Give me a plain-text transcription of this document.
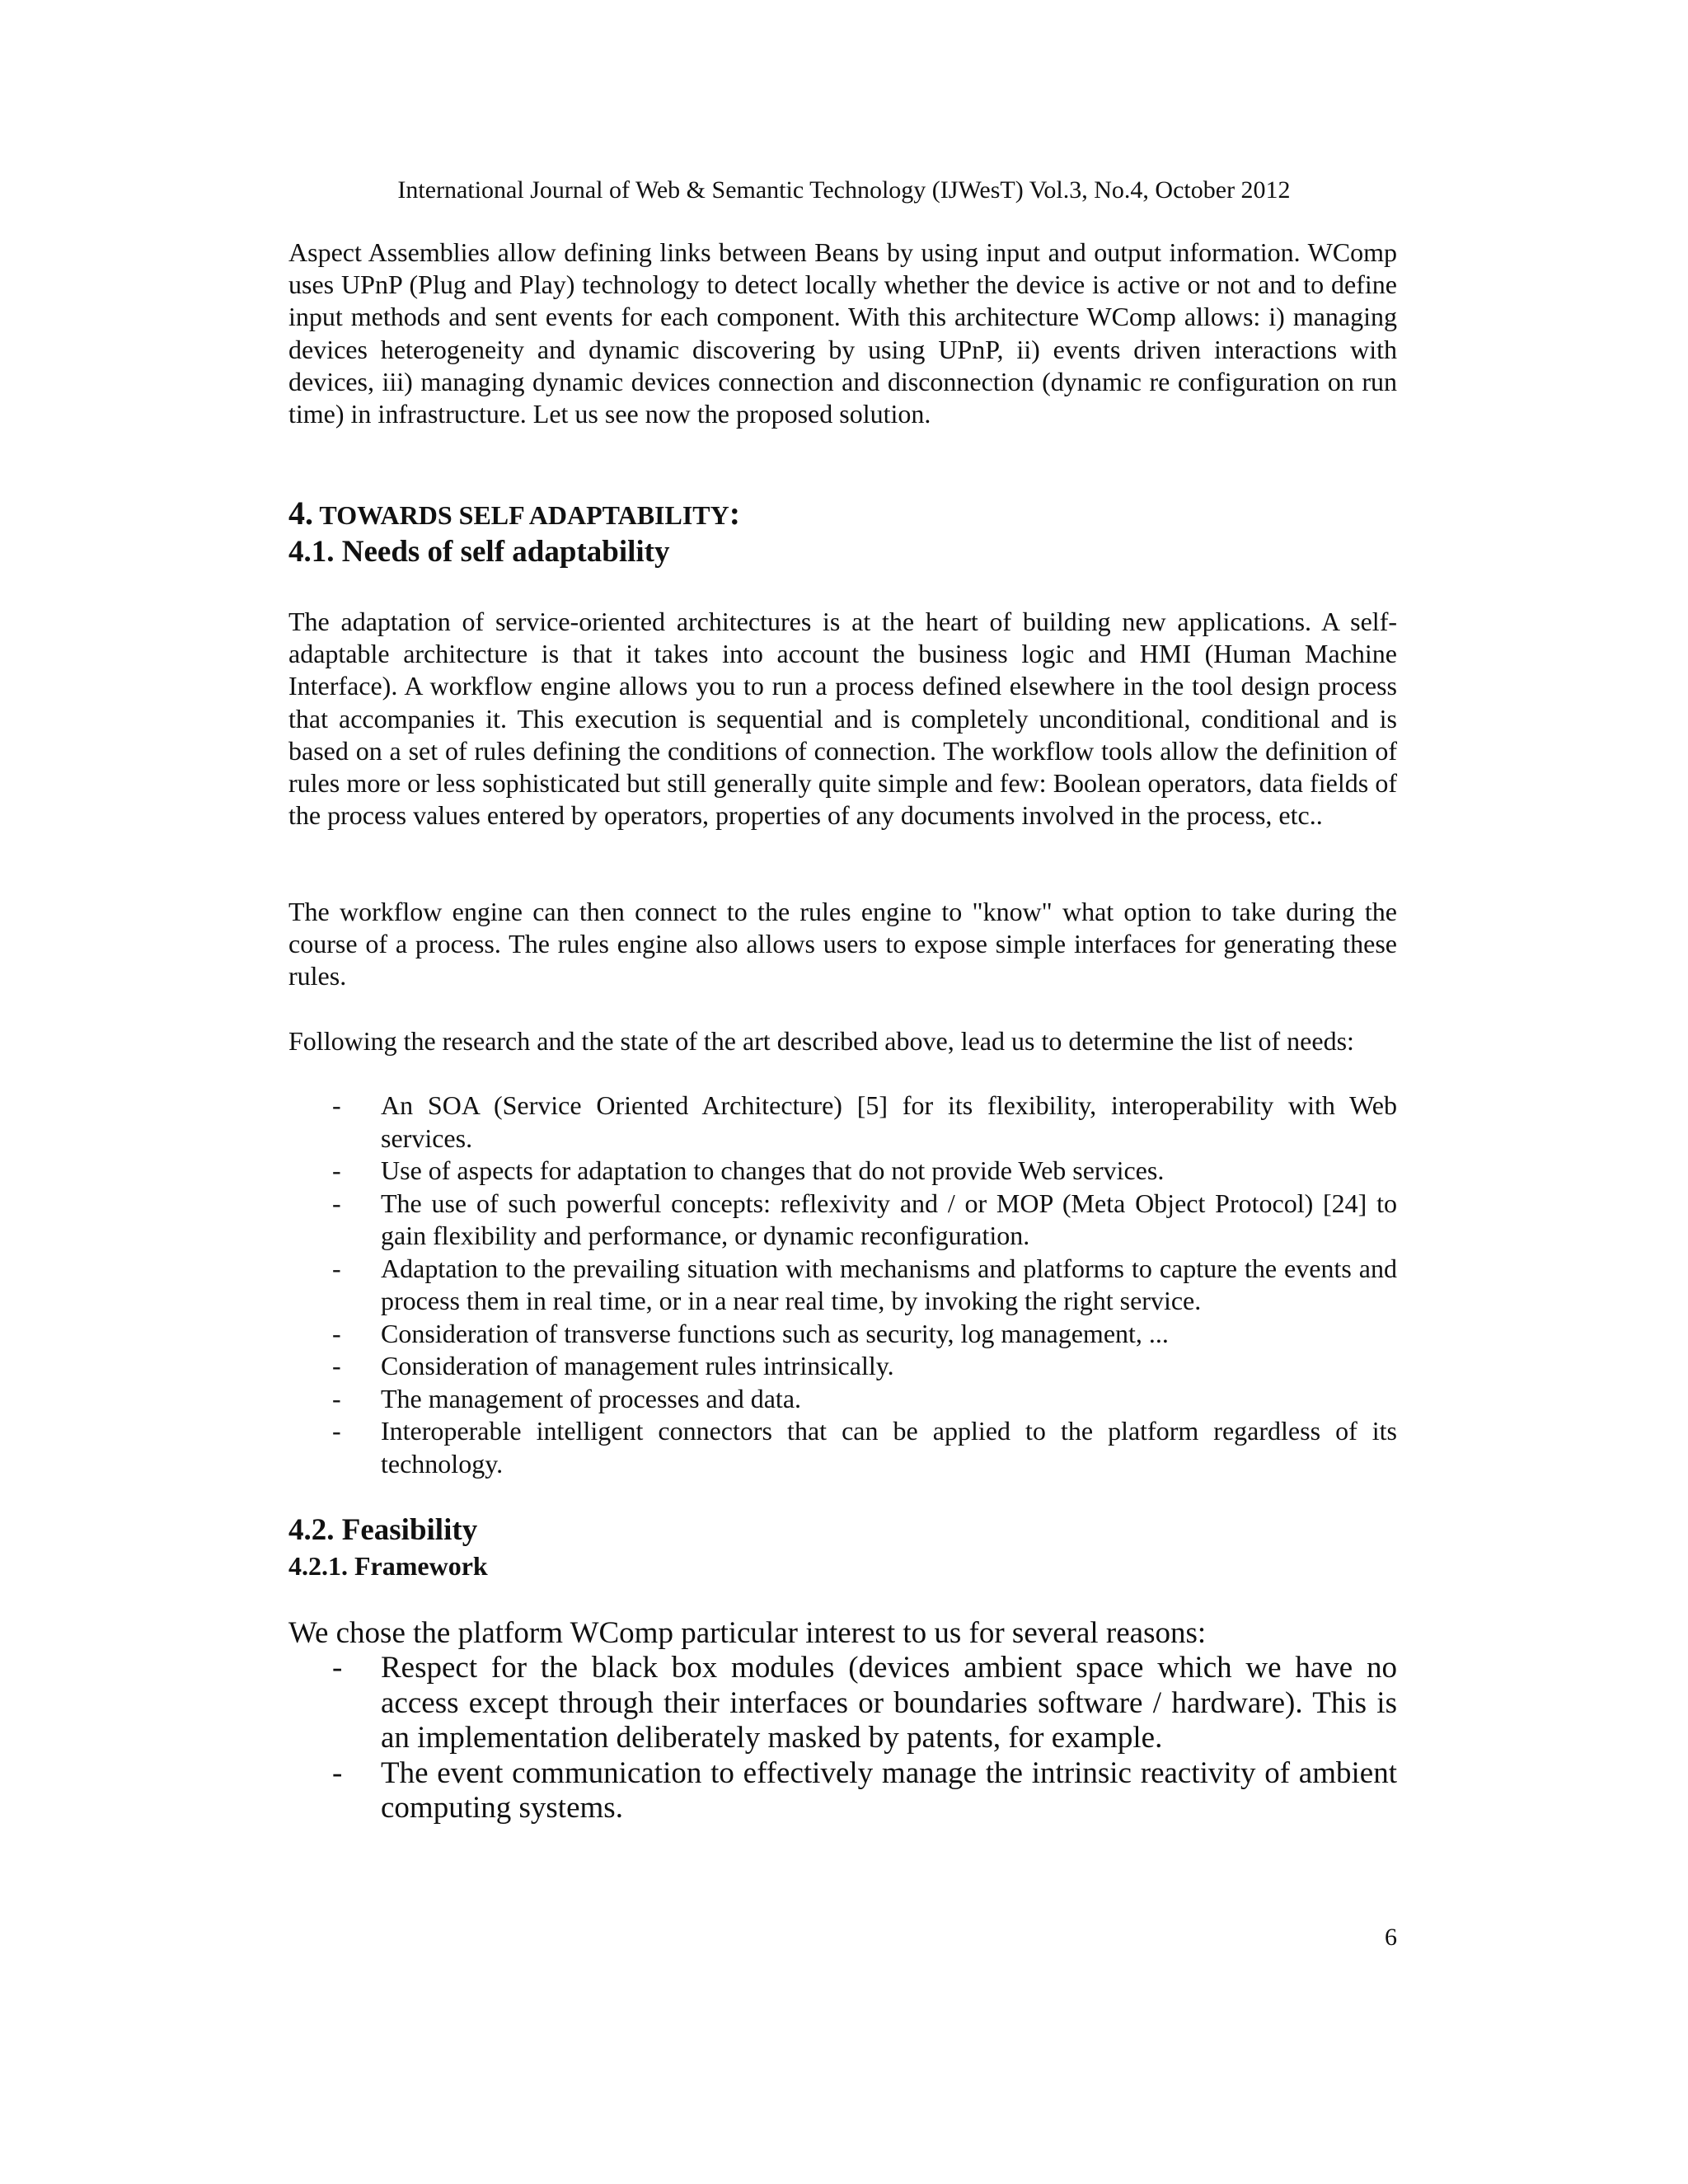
International Journal of Web & Semantic Technology (IJWesT) Vol.3, No.4, October 2012

Aspect Assemblies allow defining links between Beans by using input and output information. WComp uses UPnP (Plug and Play) technology to detect locally whether the device is active or not and to define input methods and sent events for each component. With this architecture WComp allows: i) managing devices heterogeneity and dynamic discovering by using UPnP, ii) events driven interactions with devices, iii) managing dynamic devices connection and disconnection (dynamic re configuration on run time) in infrastructure. Let us see now the proposed solution.

4. TOWARDS SELF ADAPTABILITY:
4.1. Needs of self adaptability

The adaptation of service-oriented architectures is at the heart of building new applications. A self-adaptable architecture is that it takes into account the business logic and HMI (Human Machine Interface). A workflow engine allows you to run a process defined elsewhere in the tool design process that accompanies it. This execution is sequential and is completely unconditional, conditional and is based on a set of rules defining the conditions of connection. The workflow tools allow the definition of rules more or less sophisticated but still generally quite simple and few: Boolean operators, data fields of the process values entered by operators, properties of any documents involved in the process, etc..

The workflow engine can then connect to the rules engine to "know" what option to take during the course of a process. The rules engine also allows users to expose simple interfaces for generating these rules.

Following the research and the state of the art described above, lead us to determine the list of needs:

- An SOA (Service Oriented Architecture) [5] for its flexibility, interoperability with Web services.
- Use of aspects for adaptation to changes that do not provide Web services.
- The use of such powerful concepts: reflexivity and / or MOP (Meta Object Protocol) [24] to gain flexibility and performance, or dynamic reconfiguration.
- Adaptation to the prevailing situation with mechanisms and platforms to capture the events and process them in real time, or in a near real time, by invoking the right service.
- Consideration of transverse functions such as security, log management, ...
- Consideration of management rules intrinsically.
- The management of processes and data.
- Interoperable intelligent connectors that can be applied to the platform regardless of its technology.
4.2. Feasibility
4.2.1. Framework

We chose the platform WComp particular interest to us for several reasons:

- Respect for the black box modules (devices ambient space which we have no access except through their interfaces or boundaries software / hardware). This is an implementation deliberately masked by patents, for example.
- The event communication to effectively manage the intrinsic reactivity of ambient computing systems.
6
